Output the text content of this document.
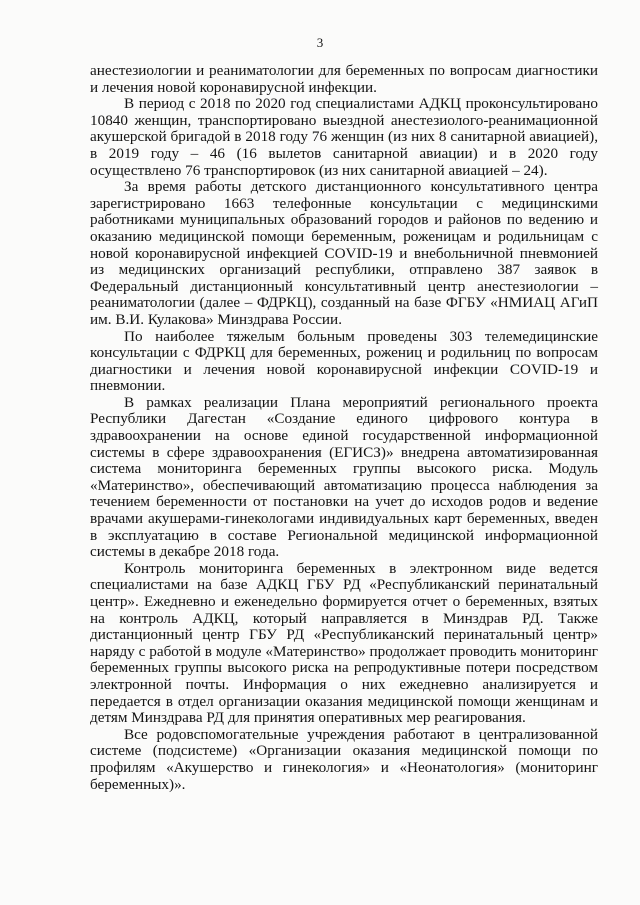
3

анестезиологии и реаниматологии для беременных по вопросам диагностики и лечения новой коронавирусной инфекции.

В период с 2018 по 2020 год специалистами АДКЦ проконсультировано 10840 женщин, транспортировано выездной анестезиолого-реанимационной акушерской бригадой в 2018 году 76 женщин (из них 8 санитарной авиацией), в 2019 году – 46 (16 вылетов санитарной авиации) и в 2020 году осуществлено 76 транспортировок (из них санитарной авиацией – 24).

За время работы детского дистанционного консультативного центра зарегистрировано 1663 телефонные консультации с медицинскими работниками муниципальных образований городов и районов по ведению и оказанию медицинской помощи беременным, роженицам и родильницам с новой коронавирусной инфекцией COVID-19 и внебольничной пневмонией из медицинских организаций республики, отправлено 387 заявок в Федеральный дистанционный консультативный центр анестезиологии – реаниматологии (далее – ФДРКЦ), созданный на базе ФГБУ «НМИАЦ АГиП им. В.И. Кулакова» Минздрава России.

По наиболее тяжелым больным проведены 303 телемедицинские консультации с ФДРКЦ для беременных, рожениц и родильниц по вопросам диагностики и лечения новой коронавирусной инфекции COVID-19 и пневмонии.

В рамках реализации Плана мероприятий регионального проекта Республики Дагестан «Создание единого цифрового контура в здравоохранении на основе единой государственной информационной системы в сфере здравоохранения (ЕГИСЗ)» внедрена автоматизированная система мониторинга беременных группы высокого риска. Модуль «Материнство», обеспечивающий автоматизацию процесса наблюдения за течением беременности от постановки на учет до исходов родов и ведение врачами акушерами-гинекологами индивидуальных карт беременных, введен в эксплуатацию в составе Региональной медицинской информационной системы в декабре 2018 года.

Контроль мониторинга беременных в электронном виде ведется специалистами на базе АДКЦ ГБУ РД «Республиканский перинатальный центр». Ежедневно и еженедельно формируется отчет о беременных, взятых на контроль АДКЦ, который направляется в Минздрав РД. Также дистанционный центр ГБУ РД «Республиканский перинатальный центр» наряду с работой в модуле «Материнство» продолжает проводить мониторинг беременных группы высокого риска на репродуктивные потери посредством электронной почты. Информация о них ежедневно анализируется и передается в отдел организации оказания медицинской помощи женщинам и детям Минздрава РД для принятия оперативных мер реагирования.

Все родовспомогательные учреждения работают в централизованной системе (подсистеме) «Организации оказания медицинской помощи по профилям «Акушерство и гинекология» и «Неонатология» (мониторинг беременных)».
